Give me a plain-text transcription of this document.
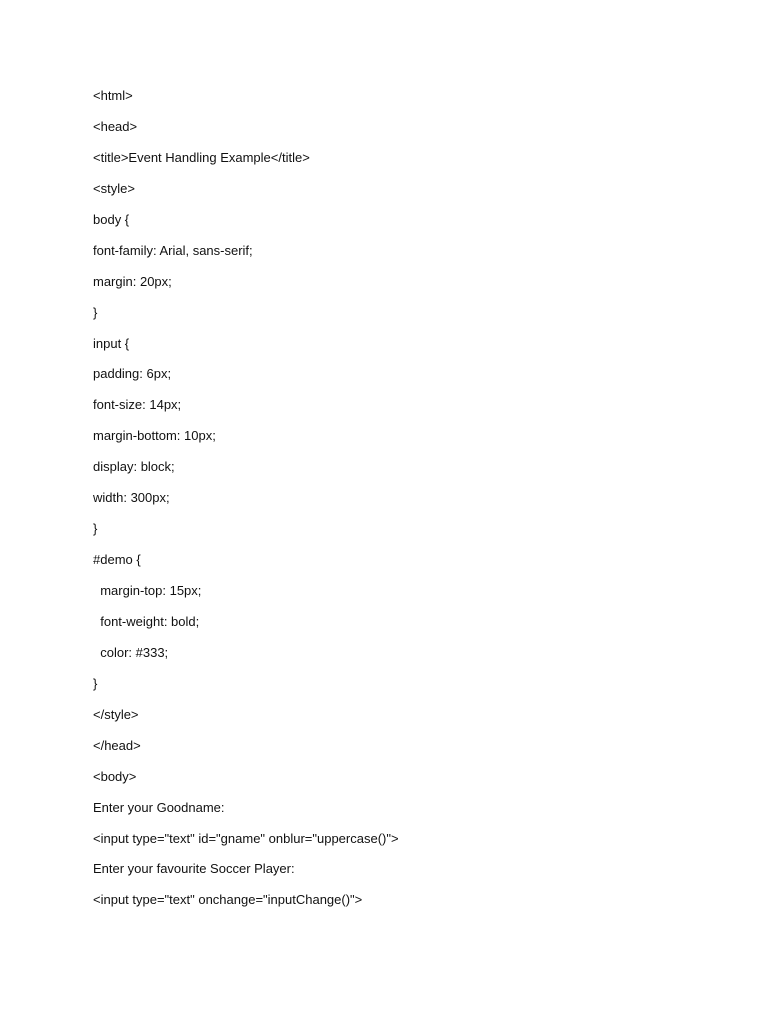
<html>
<head>
<title>Event Handling Example</title>
<style>
body {
font-family: Arial, sans-serif;
margin: 20px;
}
input {
padding: 6px;
font-size: 14px;
margin-bottom: 10px;
display: block;
width: 300px;
}
#demo {
margin-top: 15px;
font-weight: bold;
color: #333;
}
</style>
</head>
<body>
Enter your Goodname:
<input type="text" id="gname" onblur="uppercase()">
Enter your favourite Soccer Player:
<input type="text" onchange="inputChange()">
